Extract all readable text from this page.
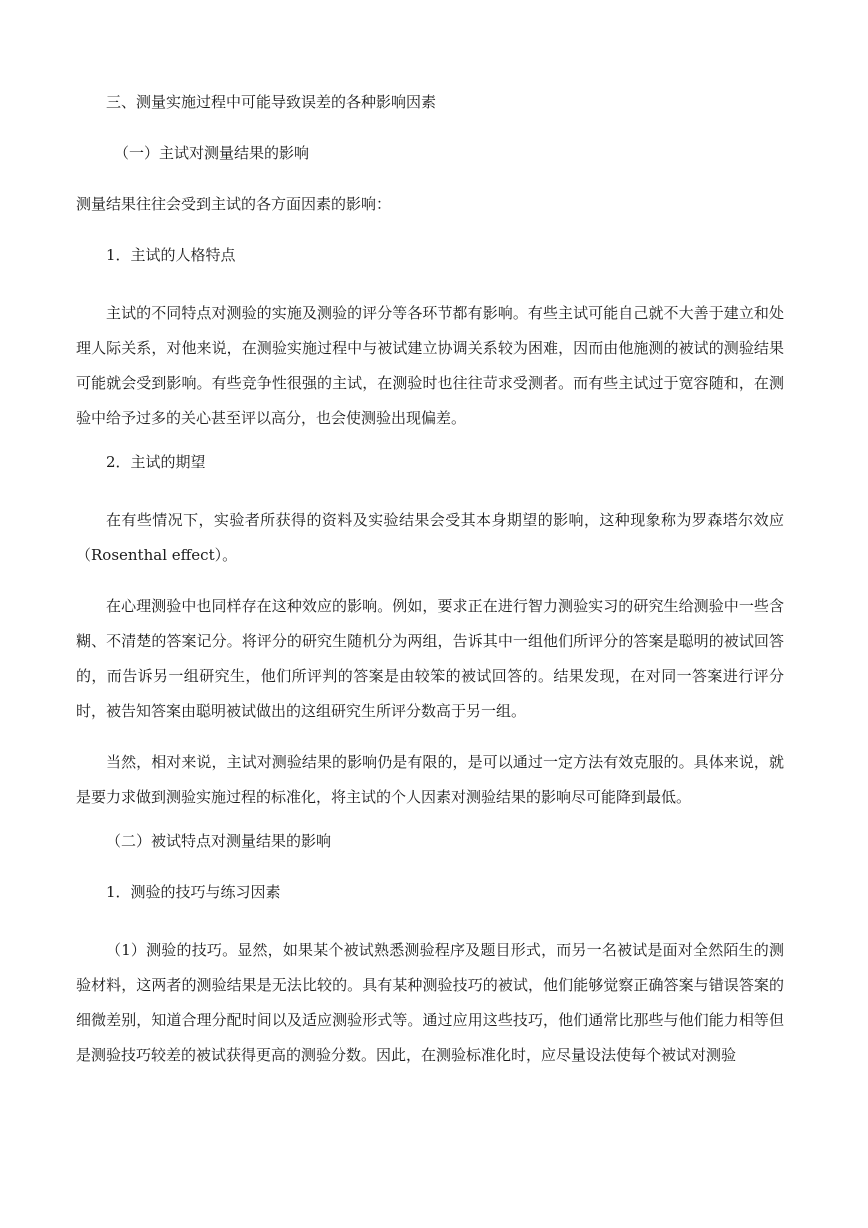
三、测量实施过程中可能导致误差的各种影响因素
（一）主试对测量结果的影响
测量结果往往会受到主试的各方面因素的影响：
1．主试的人格特点

主试的不同特点对测验的实施及测验的评分等各环节都有影响。有些主试可能自己就不大善于建立和处理人际关系，对他来说，在测验实施过程中与被试建立协调关系较为困难，因而由他施测的被试的测验结果可能就会受到影响。有些竞争性很强的主试，在测验时也往往苛求受测者。而有些主试过于宽容随和，在测验中给予过多的关心甚至评以高分，也会使测验出现偏差。

2．主试的期望

在有些情况下，实验者所获得的资料及实验结果会受其本身期望的影响，这种现象称为罗森塔尔效应（Rosenthal effect）。

在心理测验中也同样存在这种效应的影响。例如，要求正在进行智力测验实习的研究生给测验中一些含糊、不清楚的答案记分。将评分的研究生随机分为两组，告诉其中一组他们所评分的答案是聪明的被试回答的，而告诉另一组研究生，他们所评判的答案是由较笨的被试回答的。结果发现，在对同一答案进行评分时，被告知答案由聪明被试做出的这组研究生所评分数高于另一组。

当然，相对来说，主试对测验结果的影响仍是有限的，是可以通过一定方法有效克服的。具体来说，就是要力求做到测验实施过程的标准化，将主试的个人因素对测验结果的影响尽可能降到最低。

（二）被试特点对测量结果的影响
1．测验的技巧与练习因素

（1）测验的技巧。显然，如果某个被试熟悉测验程序及题目形式，而另一名被试是面对全然陌生的测验材料，这两者的测验结果是无法比较的。具有某种测验技巧的被试，他们能够觉察正确答案与错误答案的细微差别，知道合理分配时间以及适应测验形式等。通过应用这些技巧，他们通常比那些与他们能力相等但是测验技巧较差的被试获得更高的测验分数。因此，在测验标准化时，应尽量设法使每个被试对测验
